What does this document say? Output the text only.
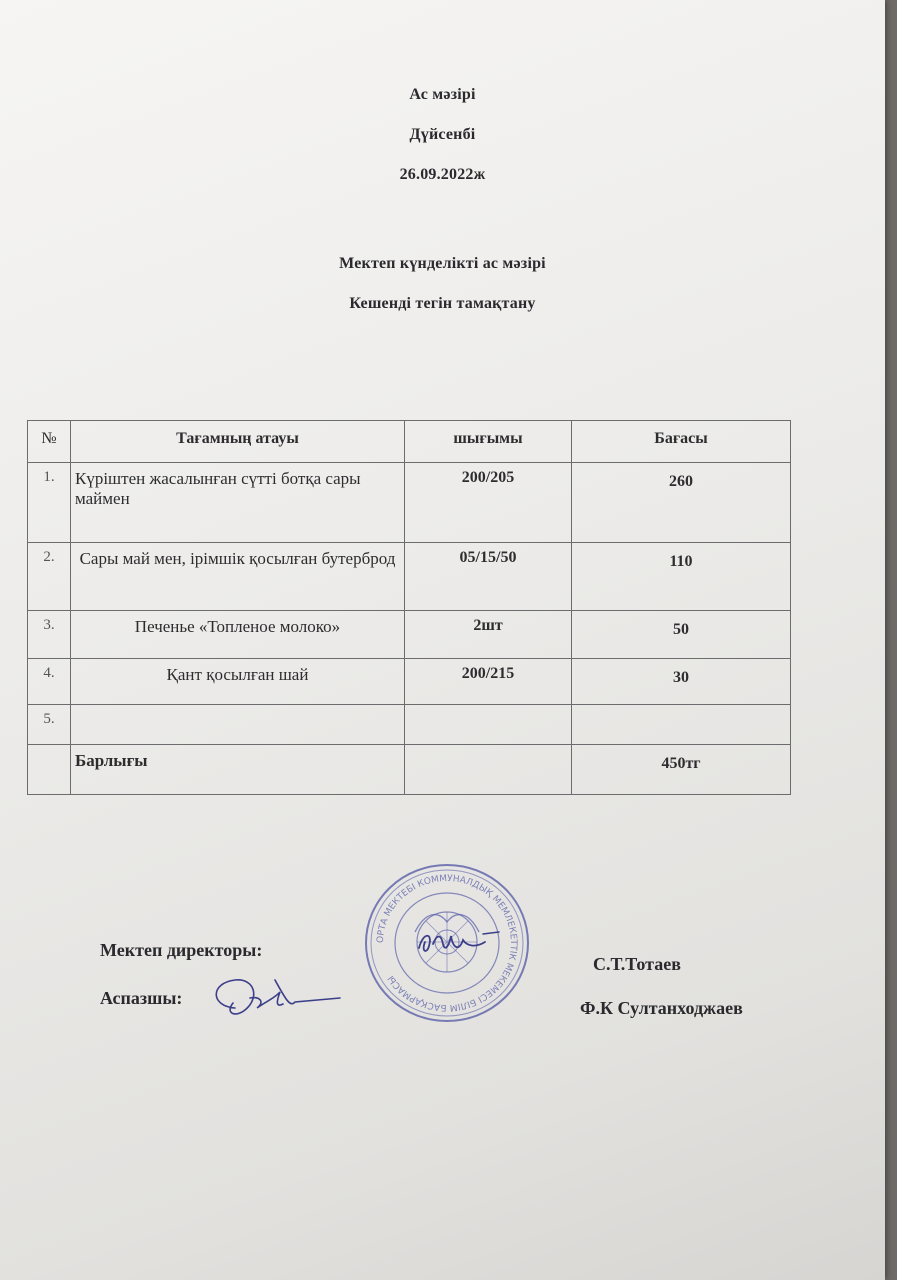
Ас мәзірі
Дүйсенбі
26.09.2022ж
Мектеп күнделікті ас мәзірі
Кешенді тегін тамақтану
№	Тағамның атауы	шығымы	Бағасы
1.	Күріштен жасалынған сүтті ботқа сары маймен	200/205	260
2.	Сары май мен, ірімшік қосылған бутерброд	05/15/50	110
3.	Печенье «Топленое молоко»	2шт	50
4.	Қант қосылған шай	200/215	30
5.			
	Барлығы		450тг
Мектеп директоры:
Аспазшы:
С.Т.Тотаев
Ф.К Султанходжаев
ОРТА МЕКТЕБІ КОММУНАЛДЫҚ МЕМЛЕКЕТТІК МЕКЕМЕСІ БІЛІМ БАСҚАРМАСЫ
